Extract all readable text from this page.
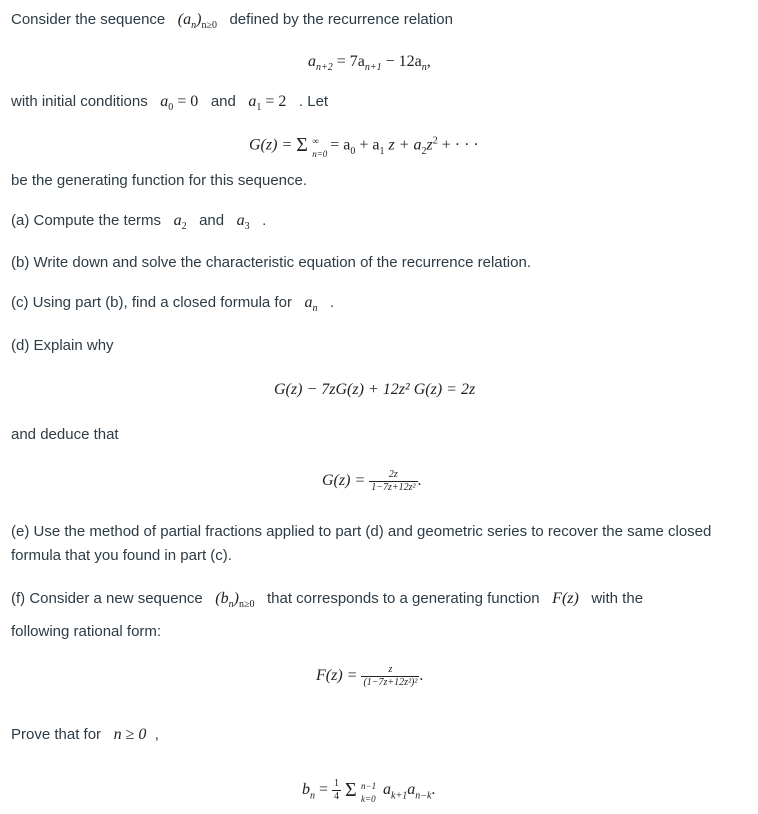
Consider the sequence $(a_n)_{n\ge 0}$ defined by the recurrence relation
$a_{n+2} = 7a_{n+1} - 12a_n$,
with initial conditions $a_0 = 0$ and $a_1 = 2$ . Let
G(z) = Σ ∞
n=0
= $a_0 + a_1$ $z + a_2z^2$ + · · ·
be the generating function for this sequence.
(a) Compute the terms $a_2$ and $a_3$ .
(b) Write down and solve the characteristic equation of the recurrence relation.
(c) Using part (b), find a closed formula for $a_n$ .
(d) Explain why
G(z) − 7zG(z) + 12z² G(z) = 2z
and deduce that
$G(z) = \frac{2z}{\text{1−7z+12z²}}$ .
(e) Use the method of partial fractions applied to part (d) and geometric series to recover the same closed formula that you found in part (c).
(f) Consider a new sequence $(b_n)_{n\ge 0}$ that corresponds to a generating function F(z) with the
following rational form:
$F(z) = \frac{z}{\text{(1−7z+12z²)²}}$ .
Prove that for n ≥ 0 ,
$b_n = \frac{1}{4}$ Σ n−1
k=0
$a_{k+1}a_{n-k}$.
